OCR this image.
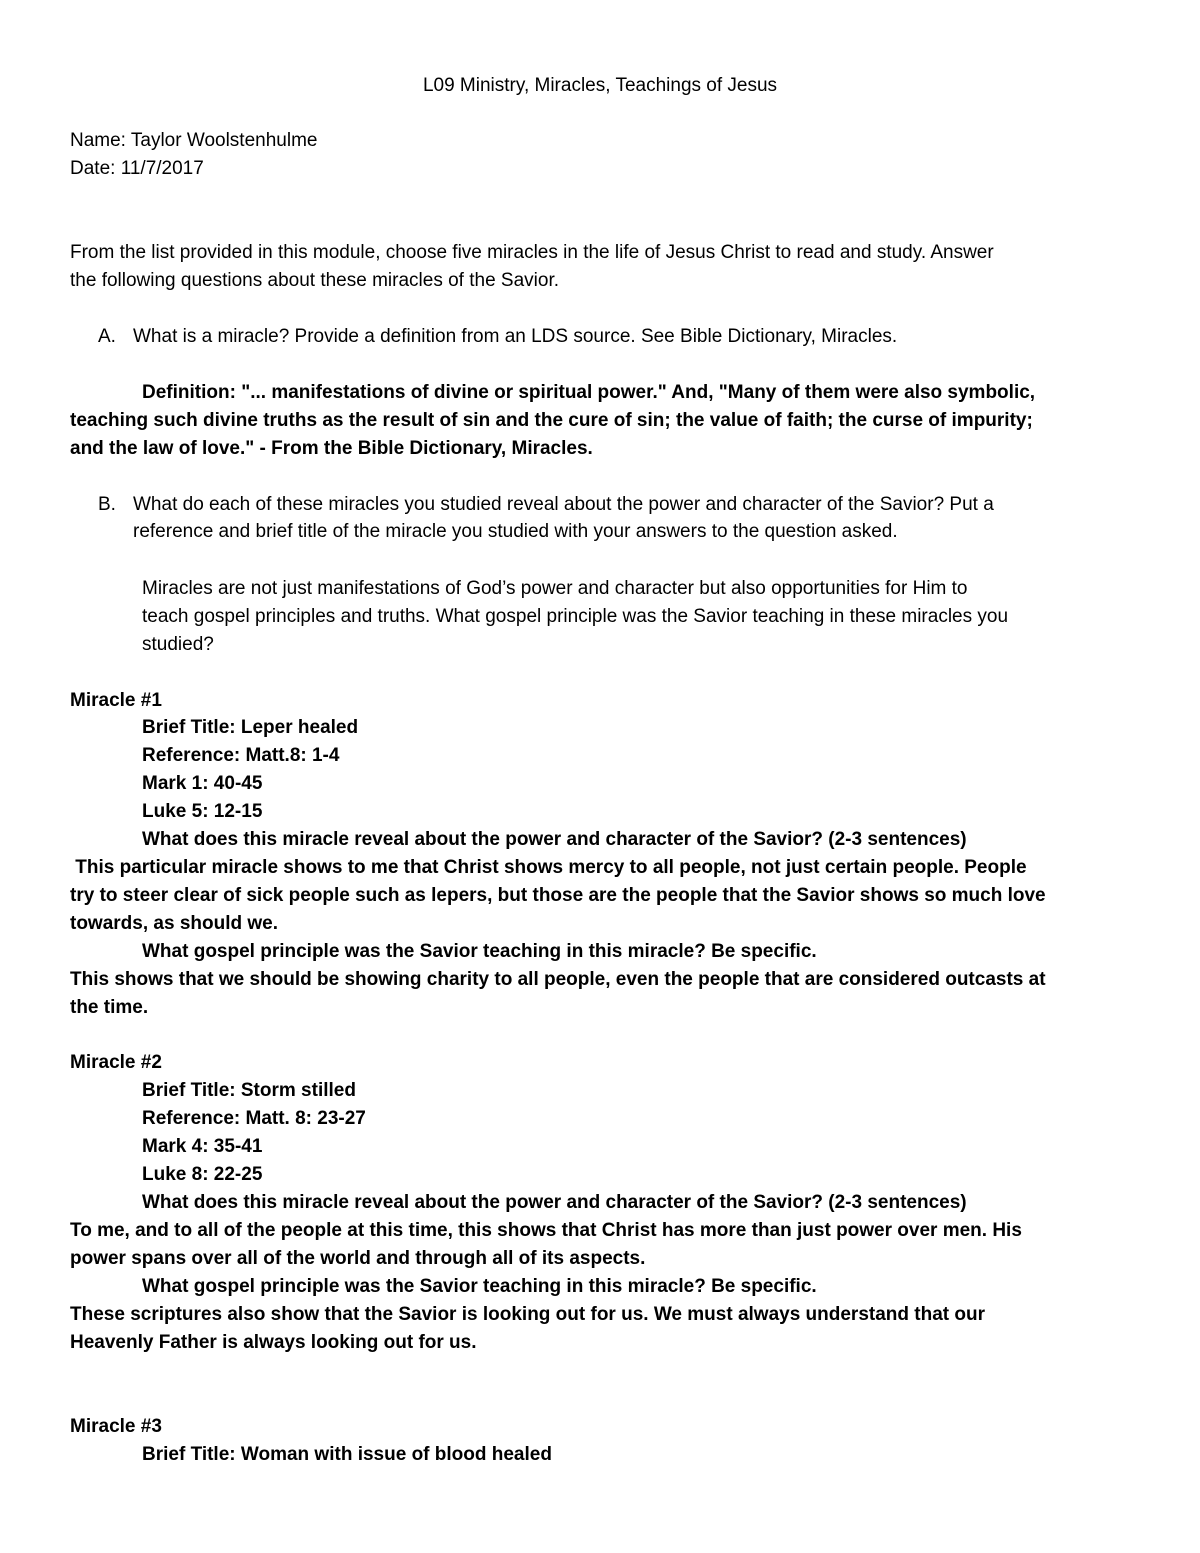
L09 Ministry, Miracles, Teachings of Jesus
Name: Taylor Woolstenhulme
Date: 11/7/2017
From the list provided in this module, choose five miracles in the life of Jesus Christ to read and study. Answer
the following questions about these miracles of the Savior.
A. What is a miracle? Provide a definition from an LDS source. See Bible Dictionary, Miracles.
Definition: "... manifestations of divine or spiritual power." And, "Many of them were also symbolic,
teaching such divine truths as the result of sin and the cure of sin; the value of faith; the curse of impurity;
and the law of love." - From the Bible Dictionary, Miracles.
B. What do each of these miracles you studied reveal about the power and character of the Savior? Put a
reference and brief title of the miracle you studied with your answers to the question asked.
Miracles are not just manifestations of God’s power and character but also opportunities for Him to
teach gospel principles and truths. What gospel principle was the Savior teaching in these miracles you
studied?
Miracle #1
Brief Title: Leper healed
Reference: Matt.8: 1-4
Mark 1: 40-45
Luke 5: 12-15
What does this miracle reveal about the power and character of the Savior? (2-3 sentences)
This particular miracle shows to me that Christ shows mercy to all people, not just certain people. People
try to steer clear of sick people such as lepers, but those are the people that the Savior shows so much love
towards, as should we.
What gospel principle was the Savior teaching in this miracle? Be specific.
This shows that we should be showing charity to all people, even the people that are considered outcasts at
the time.
Miracle #2
Brief Title: Storm stilled
Reference: Matt. 8: 23-27
Mark 4: 35-41
Luke 8: 22-25
What does this miracle reveal about the power and character of the Savior? (2-3 sentences)
To me, and to all of the people at this time, this shows that Christ has more than just power over men. His
power spans over all of the world and through all of its aspects.
What gospel principle was the Savior teaching in this miracle? Be specific.
These scriptures also show that the Savior is looking out for us. We must always understand that our
Heavenly Father is always looking out for us.
Miracle #3
Brief Title: Woman with issue of blood healed
